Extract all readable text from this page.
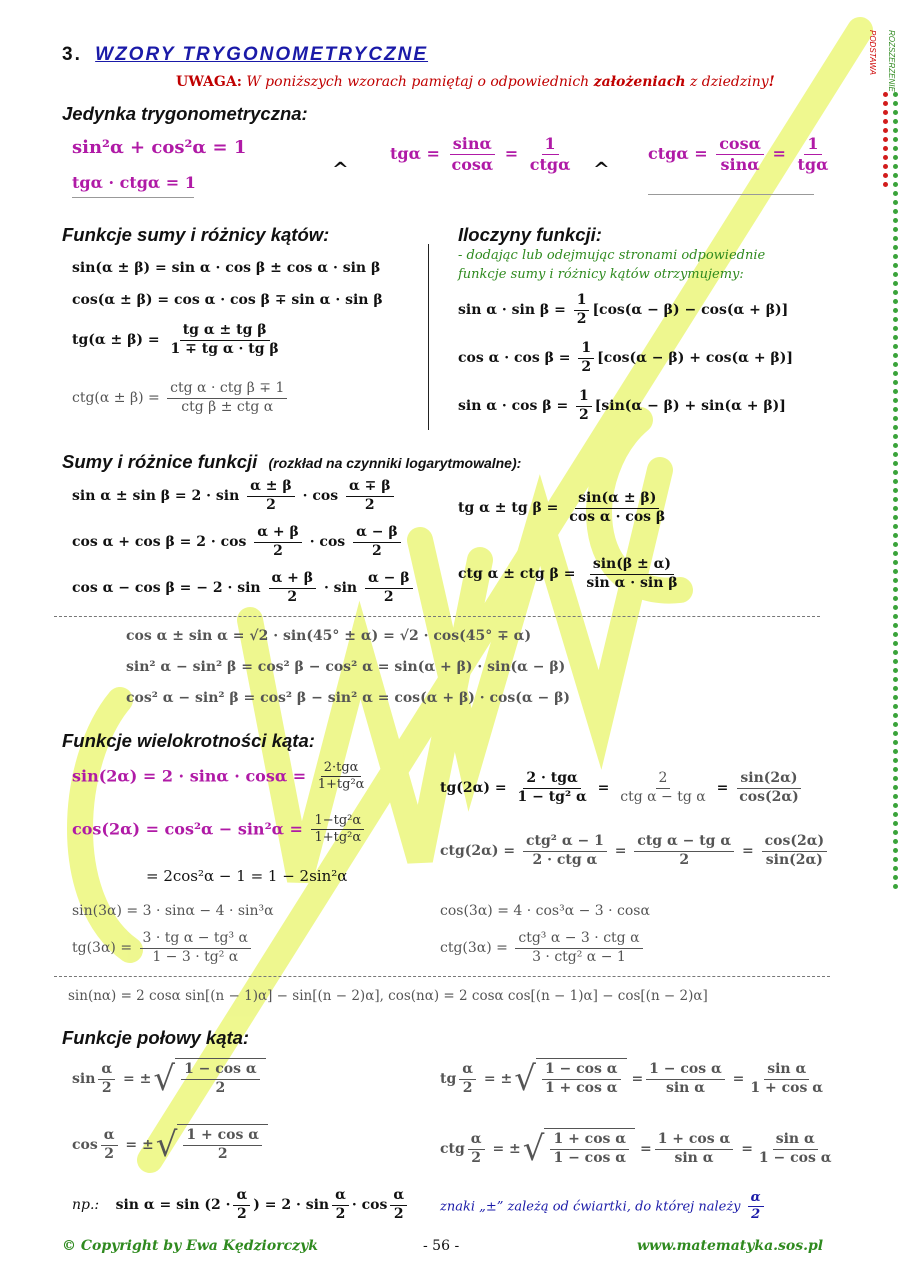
PODSTAWA ROZSZERZENIE
3. WZORY TRYGONOMETRYCZNE
UWAGA: W poniższych wzorach pamiętaj o odpowiednich założeniach z dziedziny!
Jedynka trygonometryczna:
sin²α + cos²α = 1
tgα · ctgα = 1
^	^
$tg\alpha = \frac{\sin\alpha}{\cos\alpha} = \frac{1}{\text{ctgα}}$	$ctg\alpha = \frac{\cos\alpha}{\sin\alpha} = \frac{1}{\text{tgα}}$
Funkcje sumy i różnicy kątów:
sin(α ± β) = sin α · cos β ± cos α · sin β
cos(α ± β) = cos α · cos β ∓ sin α · sin β
$tg(\alpha \pm \beta) = \frac{\text{tg α ± tg β}}{\text{1 ∓ tg α · tg β}}$
$ctg(\alpha \pm \beta) = \frac{\text{ctg α · ctg β ∓ 1}}{\text{ctg β ± ctg α}}$
Iloczyny funkcji:
- dodając lub odejmując stronami odpowiednie funkcje sumy i różnicy kątów otrzymujemy:
$\sin \alpha \cdot \sin \beta = \frac{1}{2} [\cos(\alpha - \beta) - \cos(\alpha + \beta)]$
$\cos \alpha \cdot \cos \beta = \frac{1}{2} [\cos(\alpha - \beta) + \cos(\alpha + \beta)]$
$\sin \alpha \cdot \cos \beta = \frac{1}{2} [\sin(\alpha - \beta) + \sin(\alpha + \beta)]$
Sumy i różnice funkcji (rozkład na czynniki logarytmowalne):
$\sin \alpha \pm \sin \beta = 2 \cdot \sin \frac{\alpha \pm \beta}{2} \cdot \cos \frac{\alpha \mp \beta}{2}$
$\cos \alpha + \cos \beta = 2 \cdot \cos \frac{\alpha + \beta}{2} \cdot \cos \frac{\alpha - \beta}{2}$
cos α − cos β = − $2 \cdot \sin \frac{\alpha + \beta}{2} \cdot \sin \frac{\alpha - \beta}{2}$
tg α ± tg $\beta = \frac{\sin(\alpha \pm \beta)}{\text{cos α · cos β}}$
ctg α ± ctg $\beta = \frac{\sin(\beta \pm \alpha)}{\text{sin α · sin β}}$
cos α ± sin α = √2 · sin(45° ± α) = √2 · cos(45° ∓ α)
sin² α − sin² β = cos² β − cos² α = sin(α + β) · sin(α − β)
cos² α − sin² β = cos² β − sin² α = cos(α + β) · cos(α − β)
Funkcje wielokrotności kąta:
$\sin(2\alpha) = 2 \cdot \sin\alpha \cdot \cos\alpha = \frac{\text{2·tgα}}{\text{1+tg²α}}$
$\cos(2\alpha) = \cos^2\alpha - \sin^2\alpha = \frac{\text{1−tg²α}}{\text{1+tg²α}}$
= 2cos²α − 1 = 1 − 2sin²α
$tg(2\alpha) = \frac{\text{2 · tgα}}{\text{1 − tg² α}} = \frac{2}{\text{ctg α − tg α}} = \frac{\sin(2\alpha)}{\cos(2\alpha)}$
$ctg(2\alpha) = \frac{\text{ctg² α − 1}}{\text{2 · ctg α}} = \frac{\text{ctg α − tg α}}{2} = \frac{\cos(2\alpha)}{\sin(2\alpha)}$
sin(3α) = 3 · sinα − 4 · sin³α	cos(3α) = 4 · cos³α − 3 · cosα
$tg(3\alpha) = \frac{\text{3 · tg α − tg³ α}}{\text{1 − 3 · tg² α}}$	$ctg(3\alpha) = \frac{\text{ctg³ α − 3 · ctg α}}{\text{3 · ctg² α − 1}}$
sin(nα) = 2 cosα sin[(n − 1)α] − sin[(n − 2)α], cos(nα) = 2 cosα cos[(n − 1)α] − cos[(n − 2)α]
Funkcje połowy kąta:
$\sin \frac{\alpha}{2}$ = ±√ $\frac{\text{1 − cos α}}{2}$
$\cos \frac{\alpha}{2}$ = ±√ $\frac{\text{1 + cos α}}{2}$
tg $\frac{\alpha}{2}$ = ±√ $\frac{\text{1 − cos α}}{\text{1 + cos α}} = \frac{\text{1 − cos α}}{\text{sin α}} = \frac{\text{sin α}}{\text{1 + cos α}}$
ctg $\frac{\alpha}{2}$ = ±√ $\frac{\text{1 + cos α}}{\text{1 − cos α}} = \frac{\text{1 + cos α}}{\text{sin α}} = \frac{\text{sin α}}{\text{1 − cos α}}$
np.: $\sin \alpha = \sin (2 \cdot \frac{\alpha}{2}$ ) = $2 \cdot \sin \frac{\alpha}{2} \cdot \cos \frac{\alpha}{2}$	znaki „±” zależą od ćwiartki, do której należy $\frac{\alpha}{2}$
© Copyright by Ewa Kędziorczyk	- 56 -	www.matematyka.sos.pl
